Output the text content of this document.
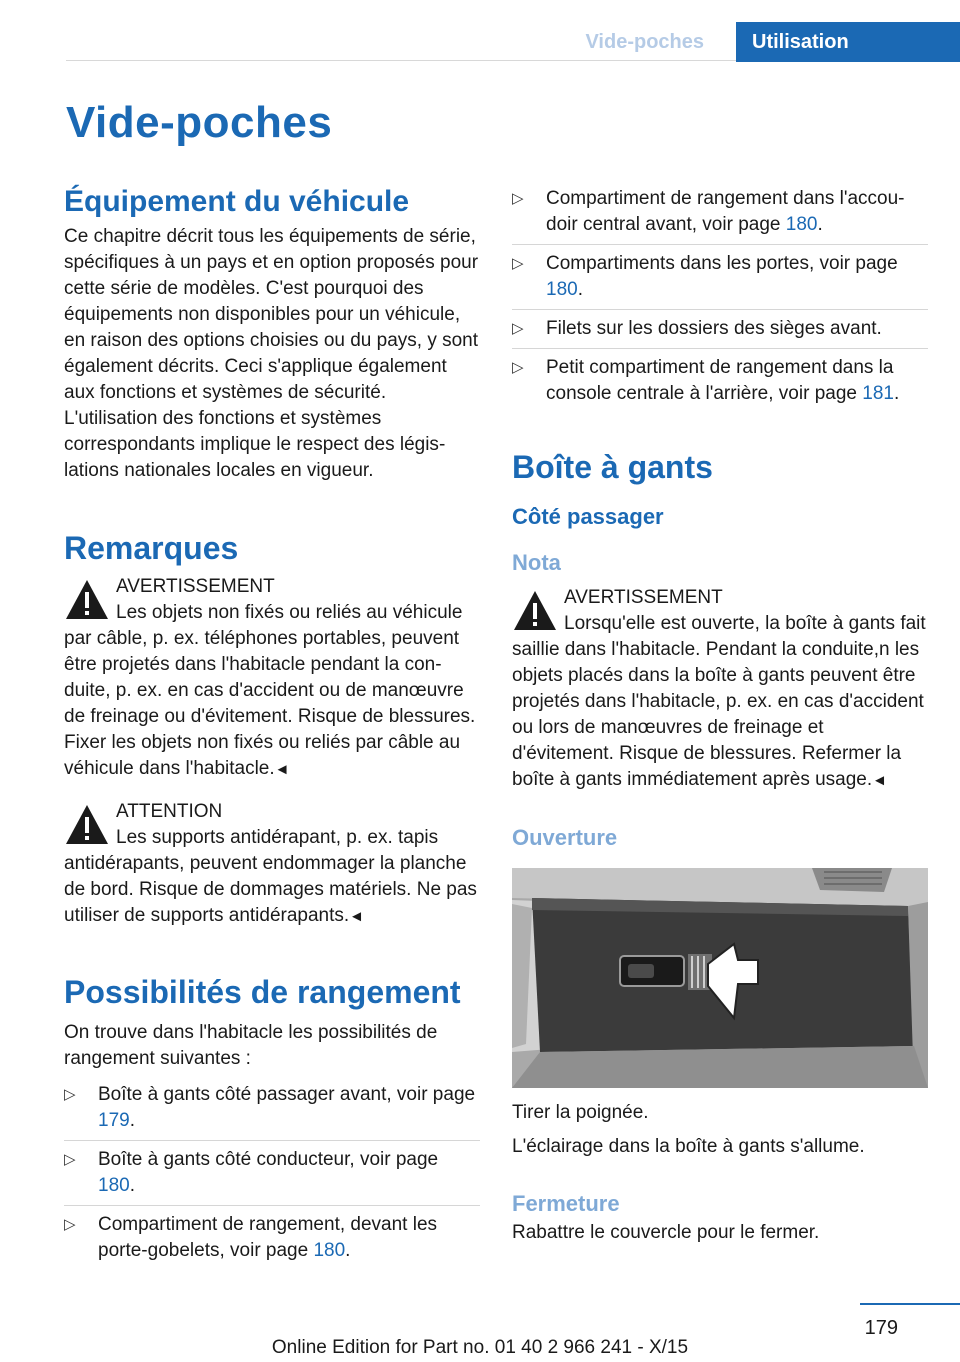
Vide-poches	Utilisation
Vide-poches
Équipement du véhicule

Ce chapitre décrit tous les équipements de série, spécifiques à un pays et en option proposés pour cette série de modèles. C'est pourquoi des équipements non disponibles pour un véhicule, en raison des options choisies ou du pays, y sont également décrits. Ceci s'applique également aux fonctions et systèmes de sécurité. L'utilisation des fonctions et systèmes correspondants implique le respect des législations nationales locales en vigueur.

Remarques
AVERTISSEMENT

Les objets non fixés ou reliés au véhicule par câble, p. ex. téléphones portables, peuvent être projetés dans l'habitacle pendant la conduite, p. ex. en cas d'accident ou de manœuvre de freinage ou d'évitement. Risque de blessures. Fixer les objets non fixés ou reliés par câble au véhicule dans l'habitacle.◄

ATTENTION

Les supports antidérapant, p. ex. tapis antidérapants, peuvent endommager la planche de bord. Risque de dommages matériels. Ne pas utiliser de supports antidérapants.◄

Possibilités de rangement

On trouve dans l'habitacle les possibilités de rangement suivantes :

▷ Boîte à gants côté passager avant, voir page 179.
▷ Boîte à gants côté conducteur, voir page 180.
▷ Compartiment de rangement, devant les porte-gobelets, voir page 180.
▷ Compartiment de rangement dans l'accoudoir central avant, voir page 180.
▷ Compartiments dans les portes, voir page 180.
▷ Filets sur les dossiers des sièges avant.
▷ Petit compartiment de rangement dans la console centrale à l'arrière, voir page 181.
Boîte à gants
Côté passager
Nota
AVERTISSEMENT

Lorsqu'elle est ouverte, la boîte à gants fait saillie dans l'habitacle. Pendant la conduite,n les objets placés dans la boîte à gants peuvent être projetés dans l'habitacle, p. ex. en cas d'accident ou lors de manœuvres de freinage et d'évitement. Risque de blessures. Refermer la boîte à gants immédiatement après usage.◄

Ouverture

Tirer la poignée.

L'éclairage dans la boîte à gants s'allume.

Fermeture

Rabattre le couvercle pour le fermer.

179
Online Edition for Part no. 01 40 2 966 241 - X/15
